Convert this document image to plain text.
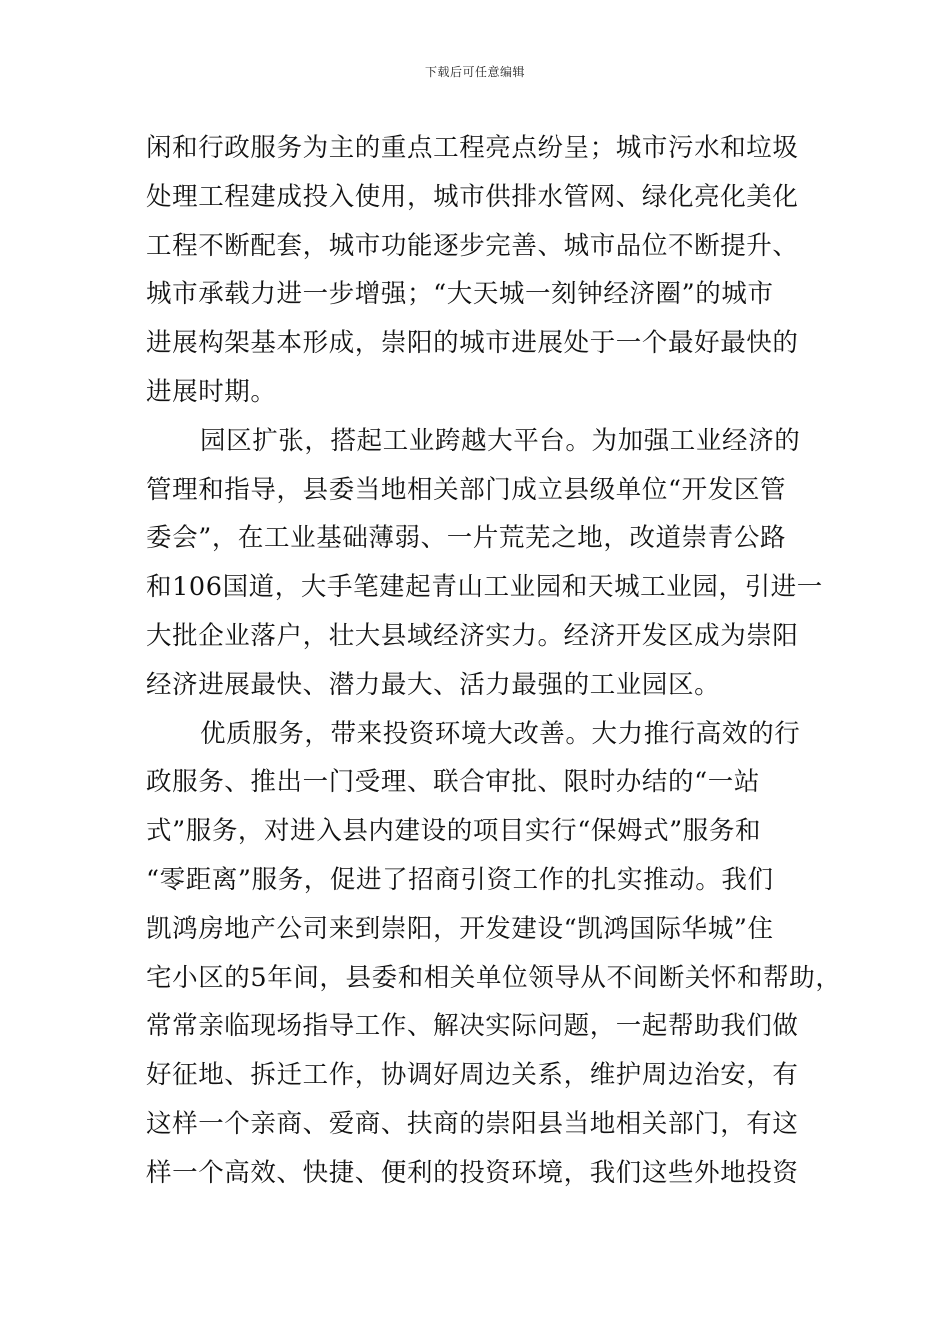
下载后可任意编辑
闲和行政服务为主的重点工程亮点纷呈；城市污水和垃圾
处理工程建成投入使用，城市供排水管网、绿化亮化美化
工程不断配套，城市功能逐步完善、城市品位不断提升、
城市承载力进一步增强；“大天城一刻钟经济圈”的城市
进展构架基本形成，崇阳的城市进展处于一个最好最快的
进展时期。
园区扩张，搭起工业跨越大平台。为加强工业经济的
管理和指导，县委当地相关部门成立县级单位“开发区管
委会”，在工业基础薄弱、一片荒芜之地，改道崇青公路
和106国道，大手笔建起青山工业园和天城工业园，引进一
大批企业落户，壮大县域经济实力。经济开发区成为崇阳
经济进展最快、潜力最大、活力最强的工业园区。
优质服务，带来投资环境大改善。大力推行高效的行
政服务、推出一门受理、联合审批、限时办结的“一站
式”服务，对进入县内建设的项目实行“保姆式”服务和
“零距离”服务，促进了招商引资工作的扎实推动。我们
凯鸿房地产公司来到崇阳，开发建设“凯鸿国际华城”住
宅小区的5年间，县委和相关单位领导从不间断关怀和帮助，
常常亲临现场指导工作、解决实际问题，一起帮助我们做
好征地、拆迁工作，协调好周边关系，维护周边治安，有
这样一个亲商、爱商、扶商的崇阳县当地相关部门，有这
样一个高效、快捷、便利的投资环境，我们这些外地投资
